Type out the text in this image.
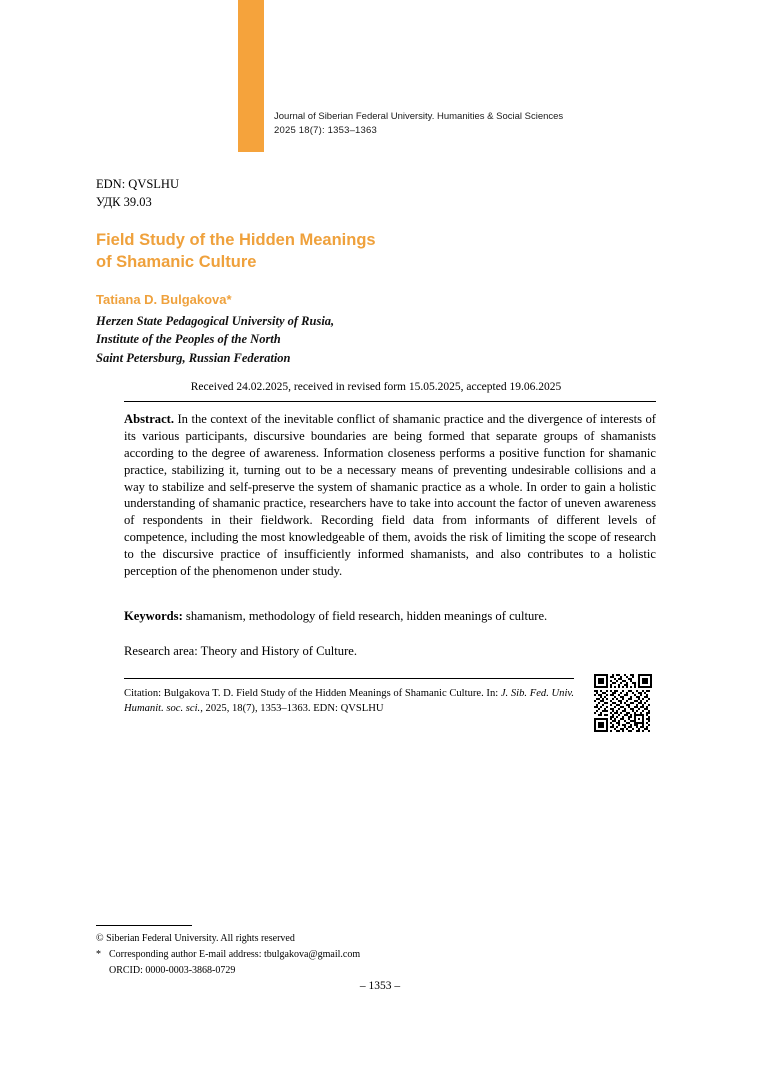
Journal of Siberian Federal University. Humanities & Social Sciences
2025 18(7): 1353–1363
EDN: QVSLHU
УДК 39.03
Field Study of the Hidden Meanings
of Shamanic Culture
Tatiana D. Bulgakova*
Herzen State Pedagogical University of Rusia,
Institute of the Peoples of the North
Saint Petersburg, Russian Federation
Received 24.02.2025, received in revised form 15.05.2025, accepted 19.06.2025
Abstract. In the context of the inevitable conflict of shamanic practice and the divergence of interests of its various participants, discursive boundaries are being formed that separate groups of shamanists according to the degree of awareness. Information closeness performs a positive function for shamanic practice, stabilizing it, turning out to be a necessary means of preventing undesirable collisions and a way to stabilize and self-preserve the system of shamanic practice as a whole. In order to gain a holistic understanding of shamanic practice, researchers have to take into account the factor of uneven awareness of respondents in their fieldwork. Recording field data from informants of different levels of competence, including the most knowledgeable of them, avoids the risk of limiting the scope of research to the discursive practice of insufficiently informed shamanists, and also contributes to a holistic perception of the phenomenon under study.
Keywords: shamanism, methodology of field research, hidden meanings of culture.
Research area: Theory and History of Culture.
Citation: Bulgakova T. D. Field Study of the Hidden Meanings of Shamanic Culture. In: J. Sib. Fed. Univ. Humanit. soc. sci., 2025, 18(7), 1353–1363. EDN: QVSLHU
© Siberian Federal University. All rights reserved
* Corresponding author E-mail address: tbulgakova@gmail.com
ORCID: 0000-0003-3868-0729
– 1353 –
